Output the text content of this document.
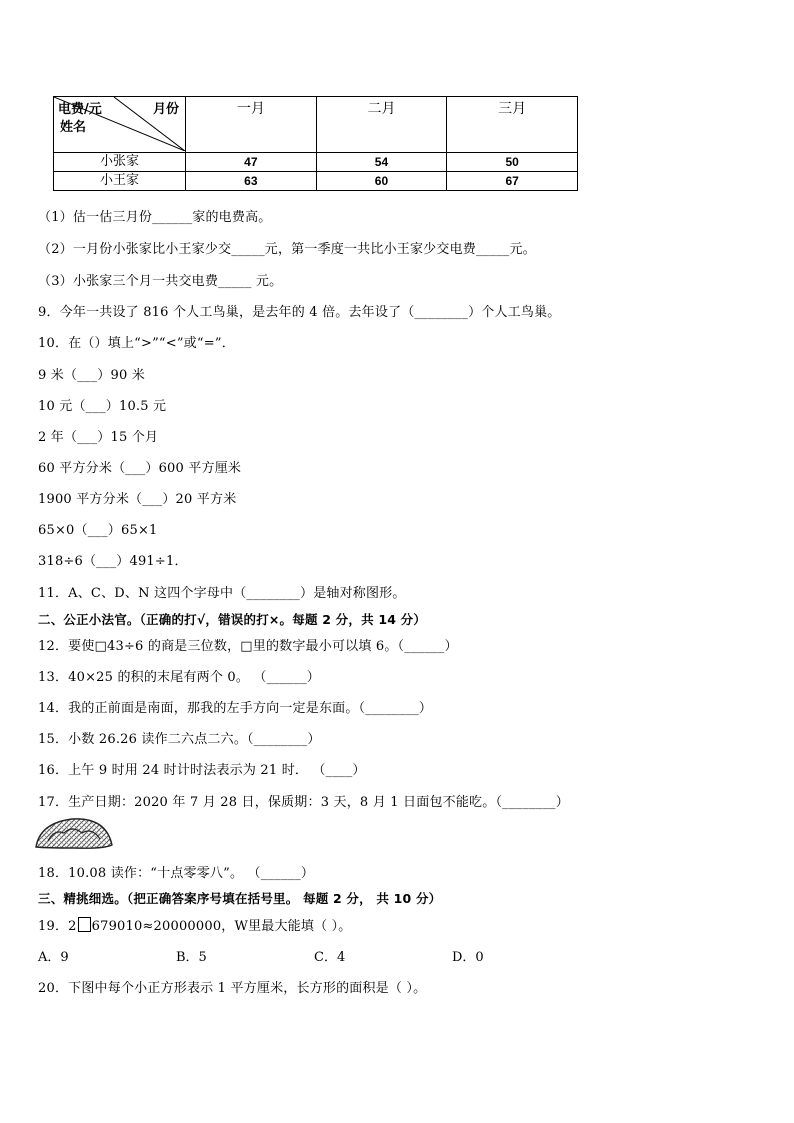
电费/元 月份
姓名	一月	二月	三月
小张家	47	54	50
小王家	63	60	67
（1）估一估三月份______家的电费高。
（2）一月份小张家比小王家少交_____元，第一季度一共比小王家少交电费_____元。
（3）小张家三个月一共交电费_____ 元。
9．今年一共设了 816 个人工鸟巢，是去年的 4 倍。去年设了（________）个人工鸟巢。
10．在（）填上“>”“<”或“=”．
9 米（___）90 米
10 元（___）10.5 元
2 年（___）15 个月
60 平方分米（___）600 平方厘米
1900 平方分米（___）20 平方米
65×0（___）65×1
318÷6（___）491÷1．
11．A、C、D、N 这四个字母中（________）是轴对称图形。
二、公正小法官。（正确的打√，错误的打×。每题 2 分，共 14 分）
12．要使□43÷6 的商是三位数，□里的数字最小可以填 6。（______）
13．40×25 的积的末尾有两个 0。 （______）
14．我的正前面是南面，那我的左手方向一定是东面。（________）
15．小数 26.26 读作二六点二六。（________）
16．上午 9 时用 24 时计时法表示为 21 时． （____）
17．生产日期：2020 年 7 月 28 日，保质期：3 天，8 月 1 日面包不能吃。（________）
18．10.08 读作：“十点零零八”。 （______）
三、精挑细选。（把正确答案序号填在括号里。 每题 2 分， 共 10 分）
19．2 679010≈20000000，W里最大能填（ ）。
A．9	B．5	C．4	D．0
20．下图中每个小正方形表示 1 平方厘米，长方形的面积是（ ）。
